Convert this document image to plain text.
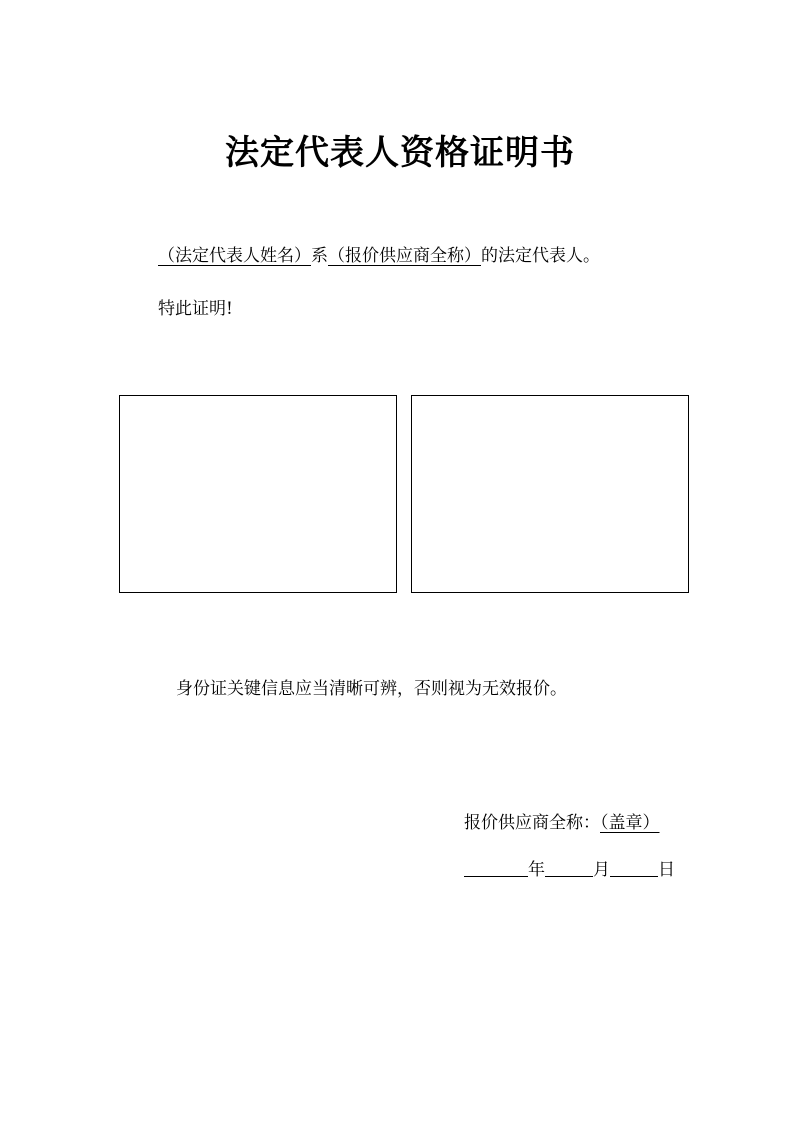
法定代表人资格证明书
（法定代表人姓名）系（报价供应商全称）的法定代表人。
特此证明!
身份证关键信息应当清晰可辨，否则视为无效报价。
报价供应商全称：（盖章）
年	月	日
